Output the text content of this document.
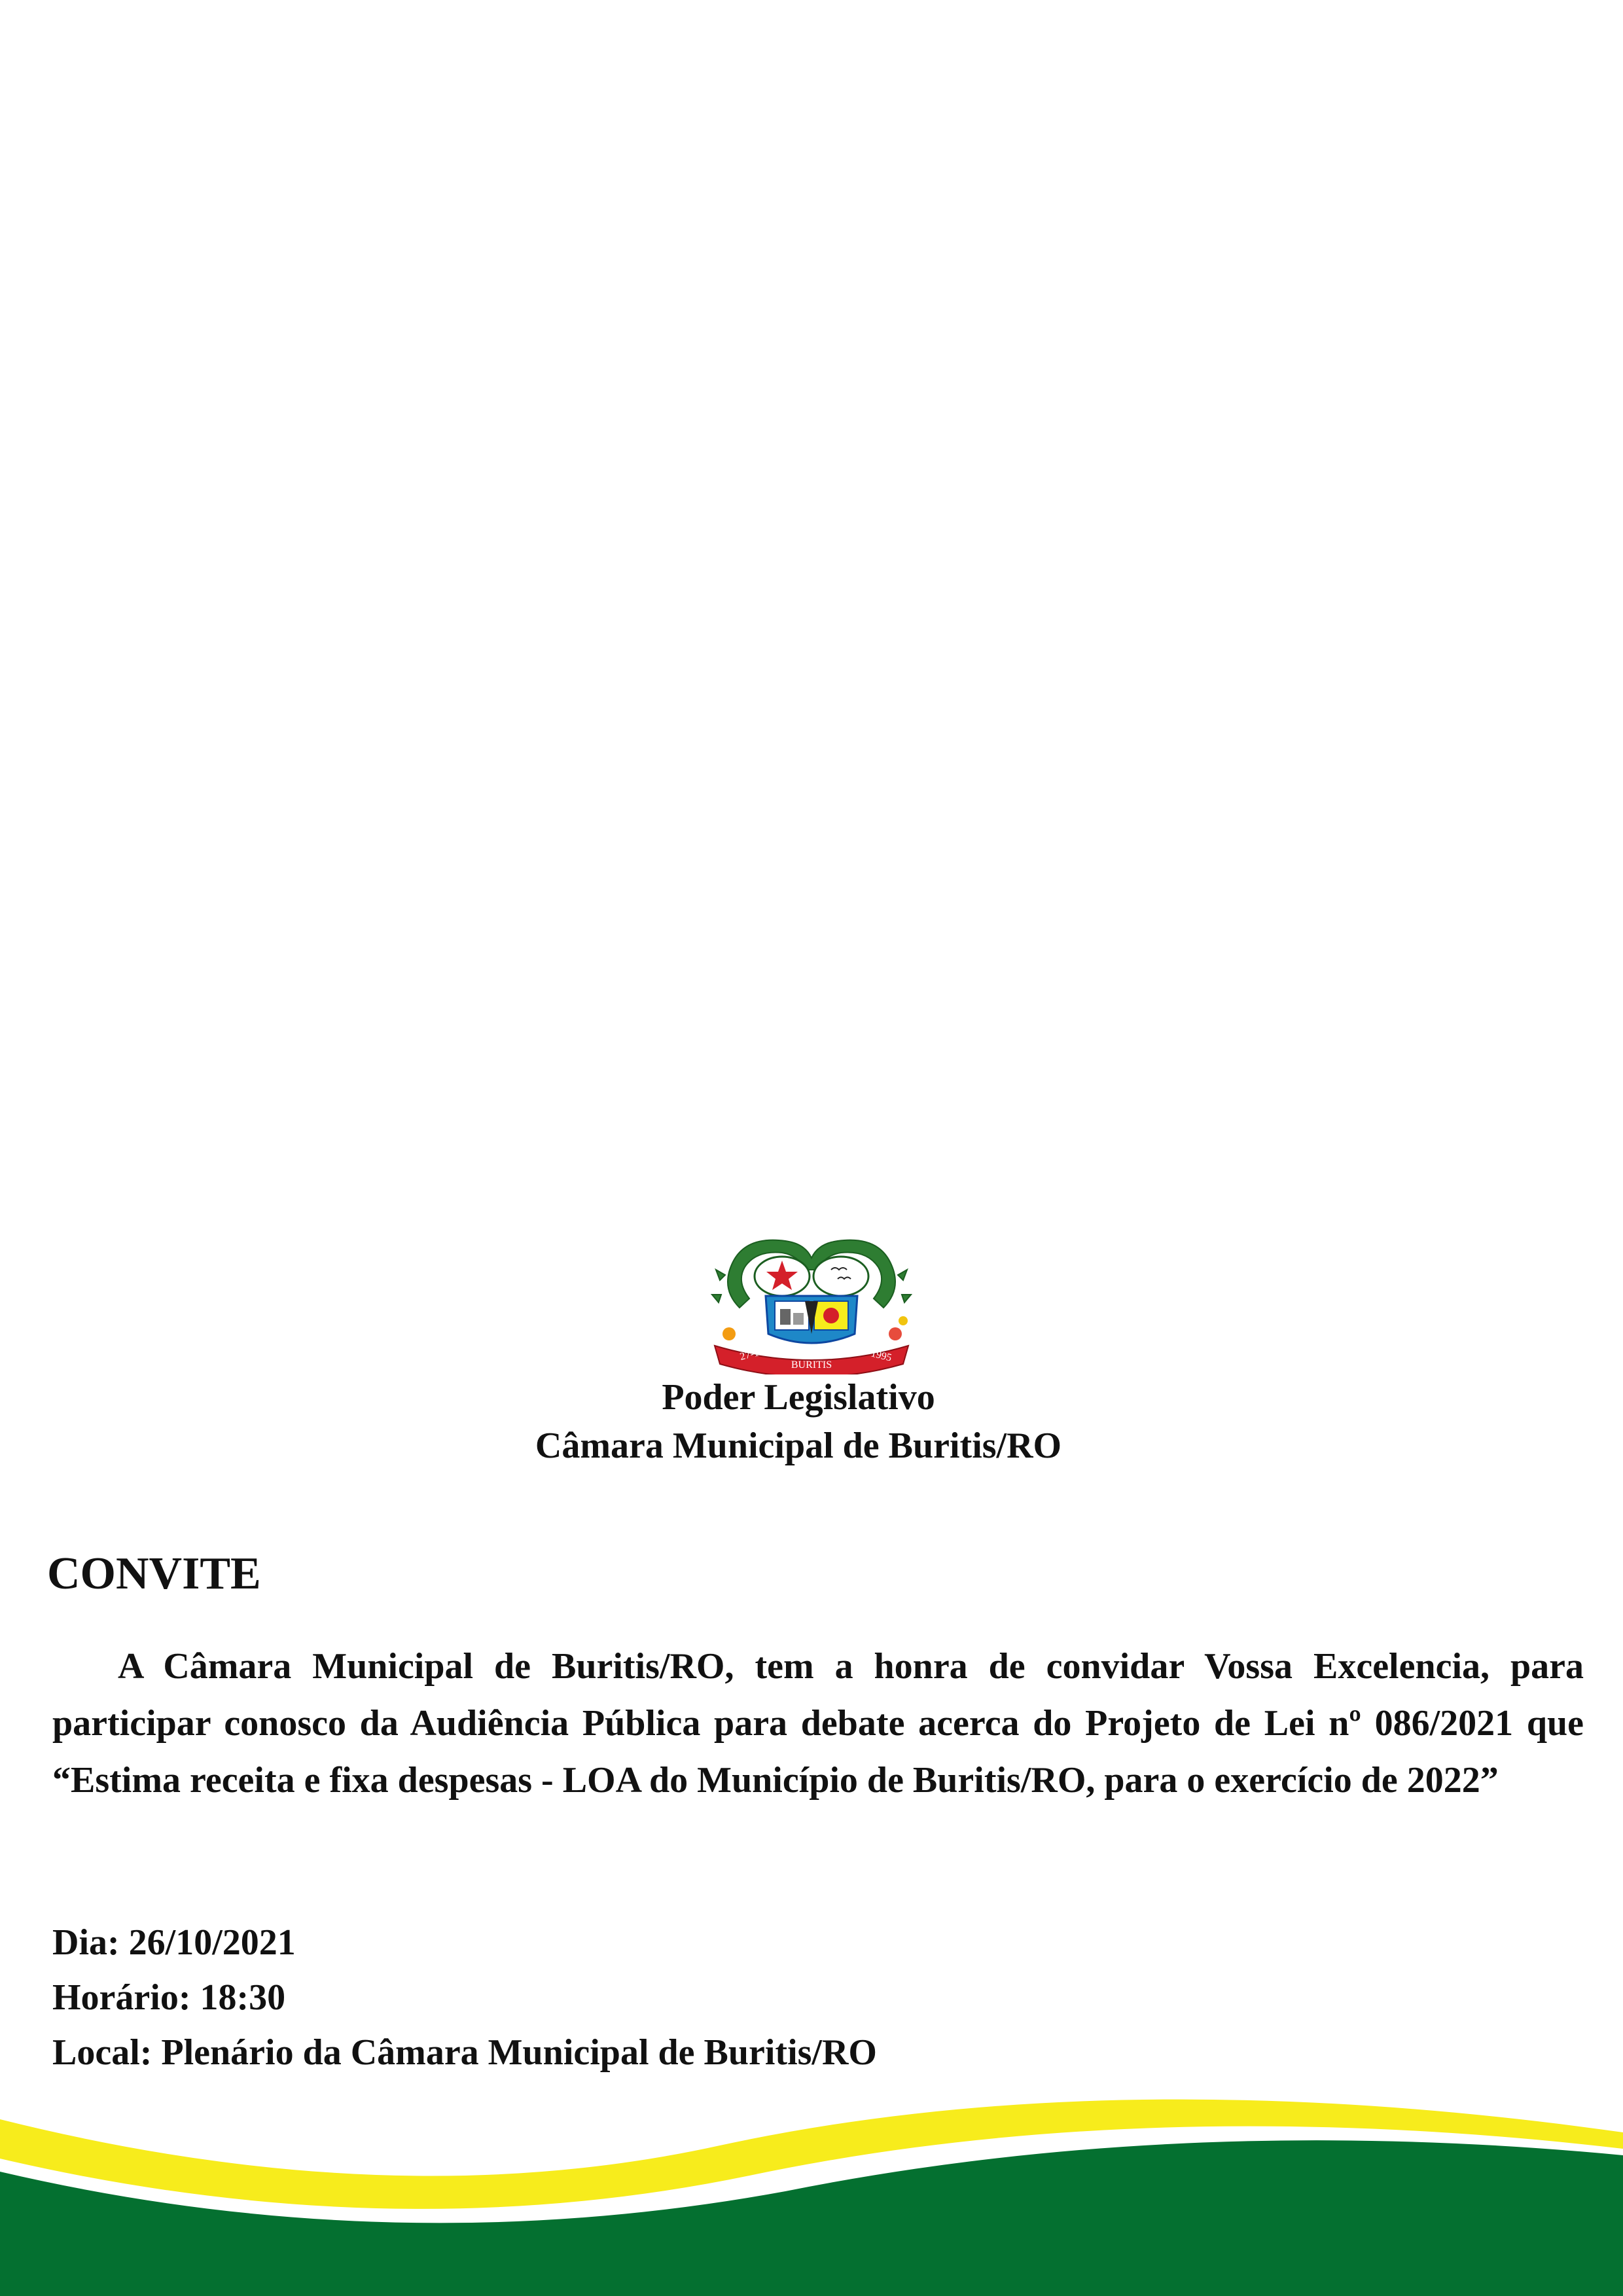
27-12
BURITIS
1995
Poder Legislativo
Câmara Municipal de Buritis/RO
CONVITE

A Câmara Municipal de Buritis/RO, tem a honra de convidar Vossa Excelencia, para participar conosco da Audiência Pública para debate acerca do Projeto de Lei nº 086/2021 que “Estima receita e fixa despesas - LOA do Município de Buritis/RO, para o exercício de 2022”

Dia: 26/10/2021
Horário: 18:30
Local: Plenário da Câmara Municipal de Buritis/RO
